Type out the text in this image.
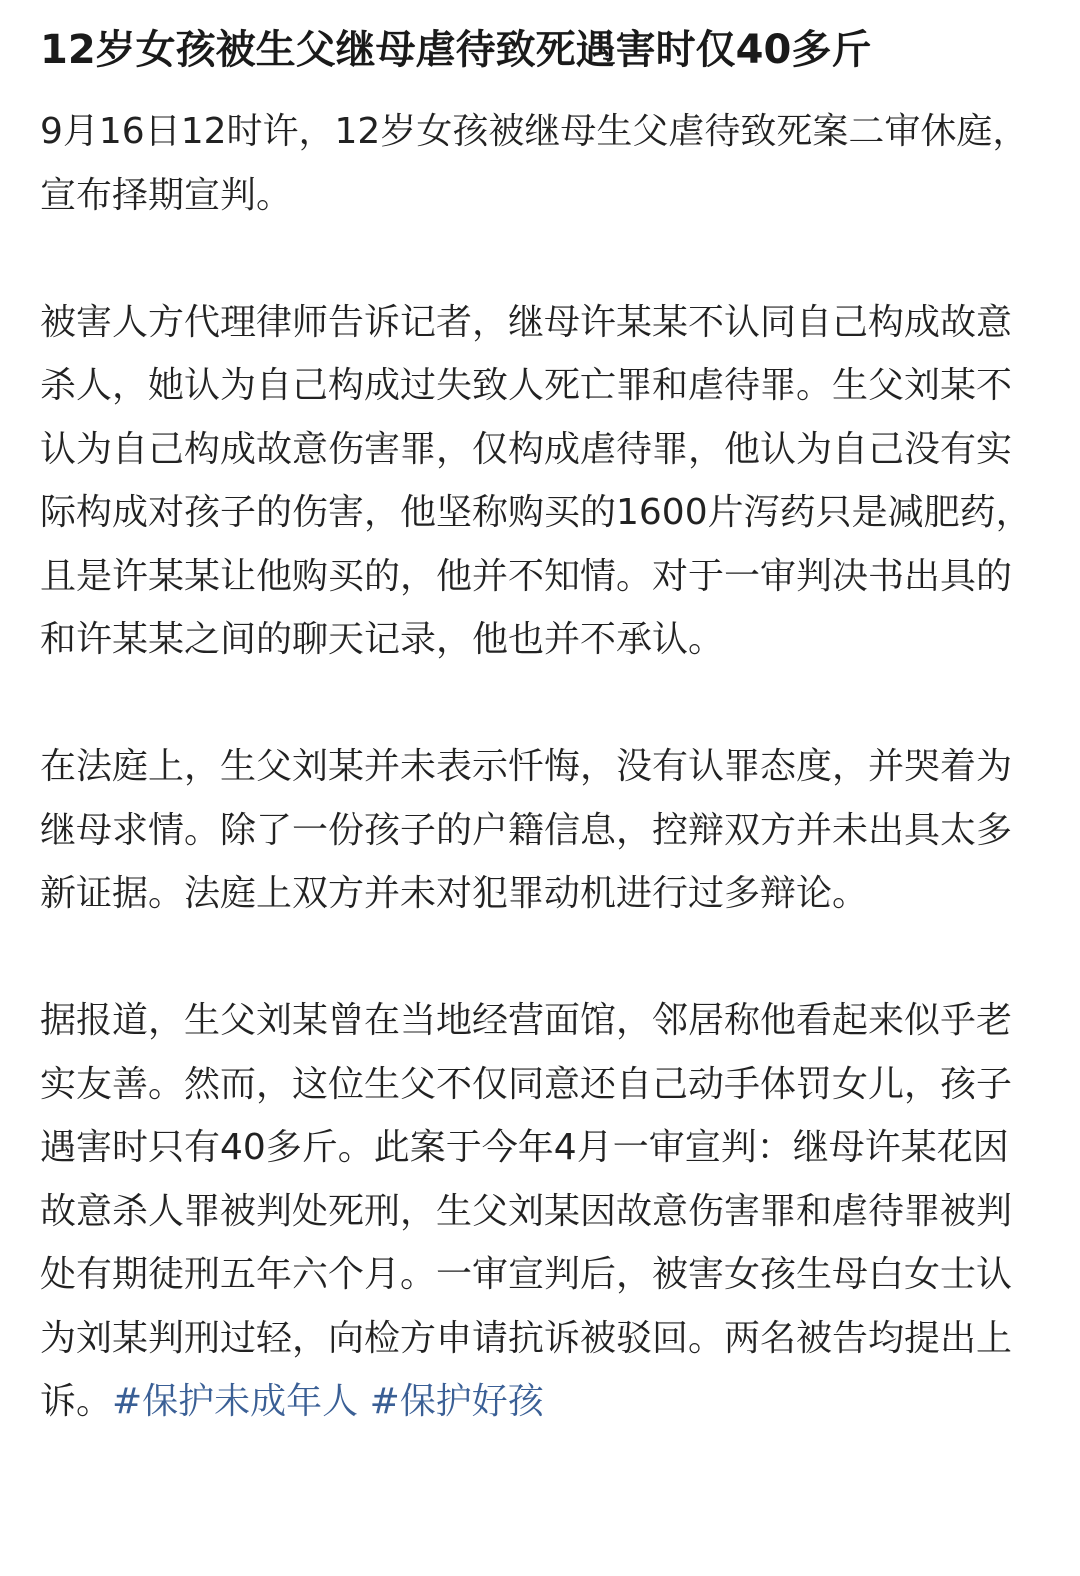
12岁女孩被生父继母虐待致死遇害时仅40多斤

9月16日12时许，12岁女孩被继母生父虐待致死案二审休庭，宣布择期宣判。

被害人方代理律师告诉记者，继母许某某不认同自己构成故意杀人，她认为自己构成过失致人死亡罪和虐待罪。生父刘某不认为自己构成故意伤害罪，仅构成虐待罪，他认为自己没有实际构成对孩子的伤害，他坚称购买的1600片泻药只是减肥药，且是许某某让他购买的，他并不知情。对于一审判决书出具的和许某某之间的聊天记录，他也并不承认。

在法庭上，生父刘某并未表示忏悔，没有认罪态度，并哭着为继母求情。除了一份孩子的户籍信息，控辩双方并未出具太多新证据。法庭上双方并未对犯罪动机进行过多辩论。

据报道，生父刘某曾在当地经营面馆，邻居称他看起来似乎老实友善。然而，这位生父不仅同意还自己动手体罚女儿，孩子遇害时只有40多斤。此案于今年4月一审宣判：继母许某花因故意杀人罪被判处死刑，生父刘某因故意伤害罪和虐待罪被判处有期徒刑五年六个月。一审宣判后，被害女孩生母白女士认为刘某判刑过轻，向检方申请抗诉被驳回。两名被告均提出上诉。#保护未成年人 #保护好孩
